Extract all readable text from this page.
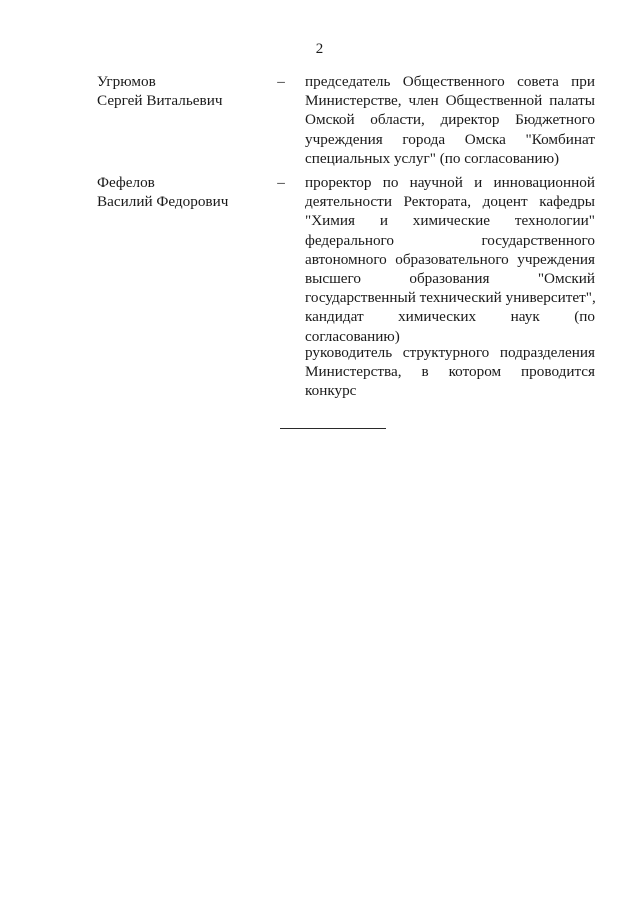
2
Угрюмов
Сергей Витальевич
– председатель Общественного совета при
Министерстве, член Общественной палаты
Омской области, директор Бюджетного
учреждения города Омска "Комбинат
специальных услуг" (по согласованию)
Фефелов
Василий Федорович
– проректор по научной и инновационной
деятельности Ректората, доцент кафедры
"Химия и химические технологии"
федерального государственного
автономного образовательного учреждения
высшего образования "Омский
государственный технический университет",
кандидат химических наук (по
согласованию)
руководитель структурного подразделения
Министерства, в котором проводится
конкурс
